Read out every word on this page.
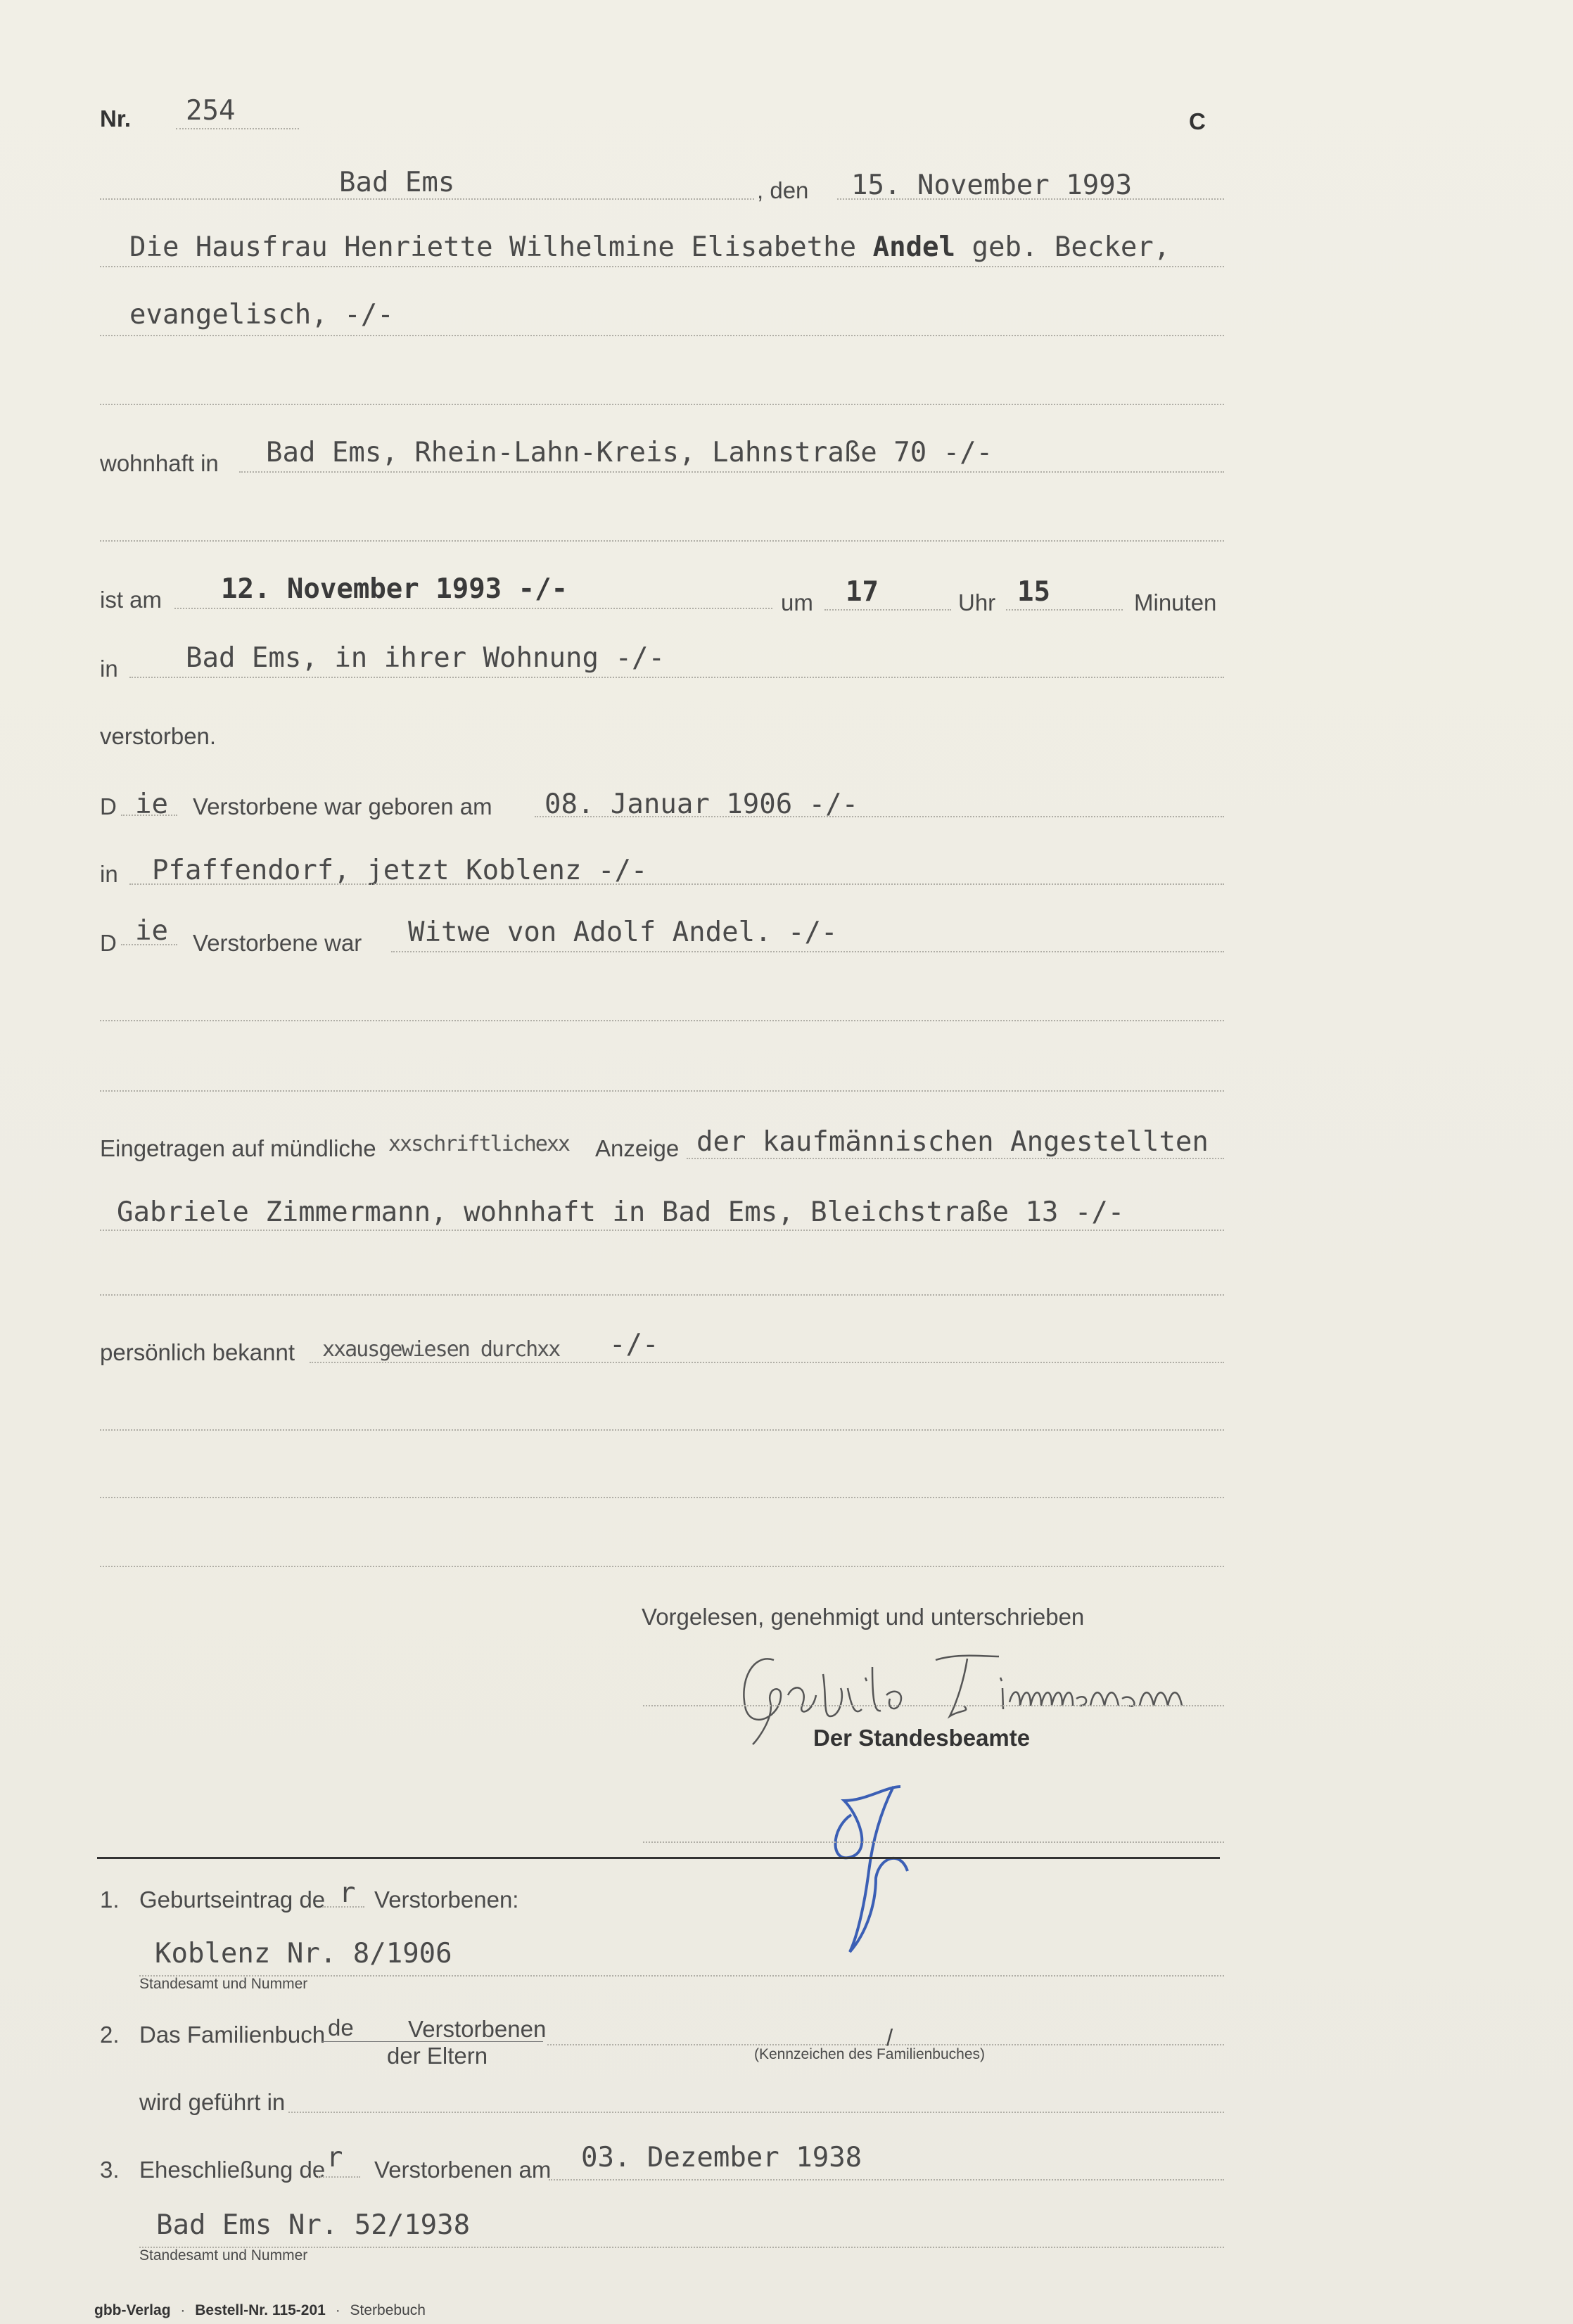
Nr. 254	C
Bad Ems	, den 15. November 1993
Die Hausfrau Henriette Wilhelmine Elisabethe Andel geb. Becker,
evangelisch, -/-
wohnhaft in Bad Ems, Rhein-Lahn-Kreis, Lahnstraße 70 -/-
ist am 12. November 1993 -/-	um 17	Uhr 15	Minuten
in Bad Ems, in ihrer Wohnung -/-
verstorben.
D ie Verstorbene war geboren am 08. Januar 1906 -/-
in Pfaffendorf, jetzt Koblenz -/-
D ie Verstorbene war Witwe von Adolf Andel. -/-
Eingetragen auf mündliche xxschriftlichexx Anzeige der kaufmännischen Angestellten
Gabriele Zimmermann, wohnhaft in Bad Ems, Bleichstraße 13 -/-
persönlich bekannt xxausgewiesen durchxx -/-
Vorgelesen, genehmigt und unterschrieben
Der Standesbeamte
1. Geburtseintrag de r Verstorbenen:
Koblenz Nr. 8/1906
Standesamt und Nummer
2. Das Familienbuch de Verstorbenen
der Eltern
/
(Kennzeichen des Familienbuches)
wird geführt in
3. Eheschließung de r Verstorbenen am 03. Dezember 1938
Bad Ems Nr. 52/1938
Standesamt und Nummer
gbb-Verlag · Bestell-Nr. 115-201 · Sterbebuch
